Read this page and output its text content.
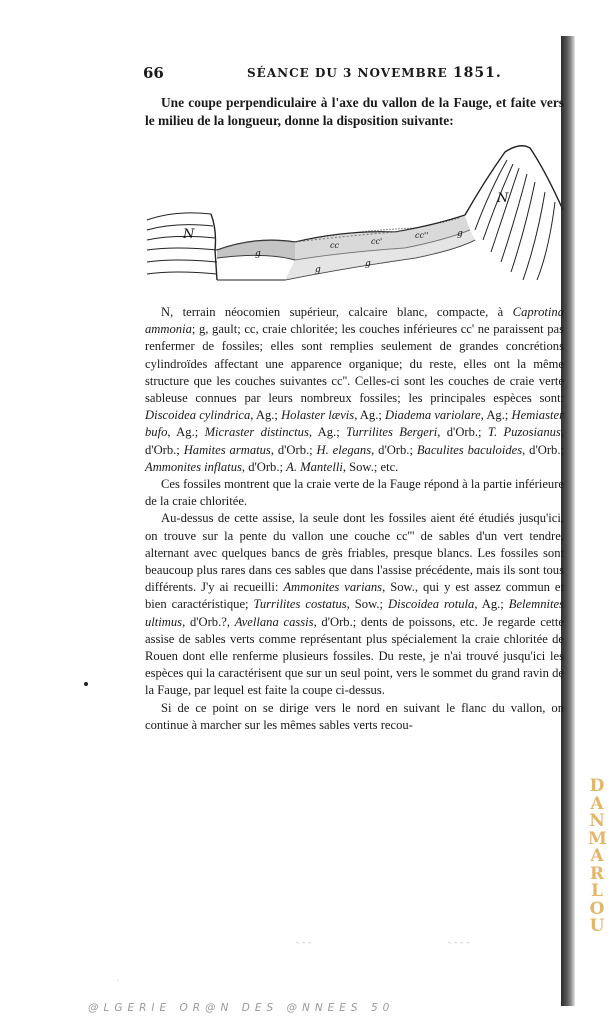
66	SÉANCE DU 3 NOVEMBRE 1851.

Une coupe perpendiculaire à l'axe du vallon de la Fauge, et faite vers le milieu de la longueur, donne la disposition suivante:

N
g
g
g
cc	cc'
cc''	g
N

N, terrain néocomien supérieur, calcaire blanc, compacte, à Caprotina ammonia; g, gault; cc, craie chloritée; les couches inférieures cc' ne paraissent pas renfermer de fossiles; elles sont remplies seulement de grandes concrétions cylindroïdes affectant une apparence organique; du reste, elles ont la même structure que les couches suivantes cc''. Celles-ci sont les couches de craie verte sableuse connues par leurs nombreux fossiles; les principales espèces sont: Discoidea cylindrica, Ag.; Holaster lævis, Ag.; Diadema variolare, Ag.; Hemiaster bufo, Ag.; Micraster distinctus, Ag.; Turrilites Bergeri, d'Orb.; T. Puzosianus, d'Orb.; Hamites armatus, d'Orb.; H. elegans, d'Orb.; Baculites baculoides, d'Orb.; Ammonites inflatus, d'Orb.; A. Mantelli, Sow.; etc.

Ces fossiles montrent que la craie verte de la Fauge répond à la partie inférieure de la craie chloritée.

Au-dessus de cette assise, la seule dont les fossiles aient été étudiés jusqu'ici, on trouve sur la pente du vallon une couche cc''' de sables d'un vert tendre, alternant avec quelques bancs de grès friables, presque blancs. Les fossiles sont beaucoup plus rares dans ces sables que dans l'assise précédente, mais ils sont tous différents. J'y ai recueilli: Ammonites varians, Sow., qui y est assez commun et bien caractéristique; Turrilites costatus, Sow.; Discoidea rotula, Ag.; Belemnites ultimus, d'Orb.?, Avellana cassis, d'Orb.; dents de poissons, etc. Je regarde cette assise de sables verts comme représentant plus spécialement la craie chloritée de Rouen dont elle renferme plusieurs fossiles. Du reste, je n'ai trouvé jusqu'ici les espèces qui la caractérisent que sur un seul point, vers le sommet du grand ravin de la Fauge, par lequel est faite la coupe ci-dessus.

Si de ce point on se dirige vers le nord en suivant le flanc du vallon, on continue à marcher sur les mêmes sables verts recou-

D
A
N
M
A
R
L
O
U
- - -	- - - -
.
@LGERIE OR@N DES @NNEES 50
